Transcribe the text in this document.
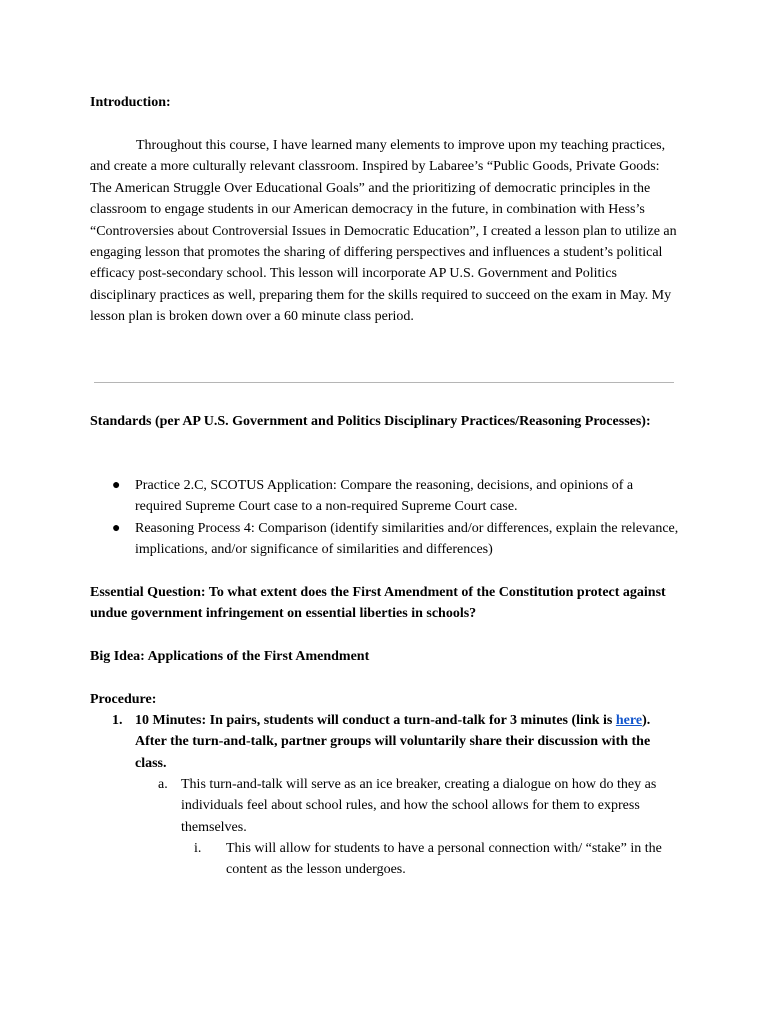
Introduction:

Throughout this course, I have learned many elements to improve upon my teaching practices, and create a more culturally relevant classroom. Inspired by Labaree’s “Public Goods, Private Goods: The American Struggle Over Educational Goals” and the prioritizing of democratic principles in the classroom to engage students in our American democracy in the future, in combination with Hess’s “Controversies about Controversial Issues in Democratic Education”, I created a lesson plan to utilize an engaging lesson that promotes the sharing of differing perspectives and influences a student’s political efficacy post-secondary school. This lesson will incorporate AP U.S. Government and Politics disciplinary practices as well, preparing them for the skills required to succeed on the exam in May. My lesson plan is broken down over a 60 minute class period.

Standards (per AP U.S. Government and Politics Disciplinary Practices/Reasoning Processes):

● Practice 2.C, SCOTUS Application: Compare the reasoning, decisions, and opinions of a required Supreme Court case to a non-required Supreme Court case.
● Reasoning Process 4: Comparison (identify similarities and/or differences, explain the relevance, implications, and/or significance of similarities and differences)

Essential Question: To what extent does the First Amendment of the Constitution protect against undue government infringement on essential liberties in schools?

Big Idea: Applications of the First Amendment

Procedure:

1. 10 Minutes: In pairs, students will conduct a turn-and-talk for 3 minutes (link is here). After the turn-and-talk, partner groups will voluntarily share their discussion with the class.
a. This turn-and-talk will serve as an ice breaker, creating a dialogue on how do they as individuals feel about school rules, and how the school allows for them to express themselves.
i. This will allow for students to have a personal connection with/ “stake” in the content as the lesson undergoes.
